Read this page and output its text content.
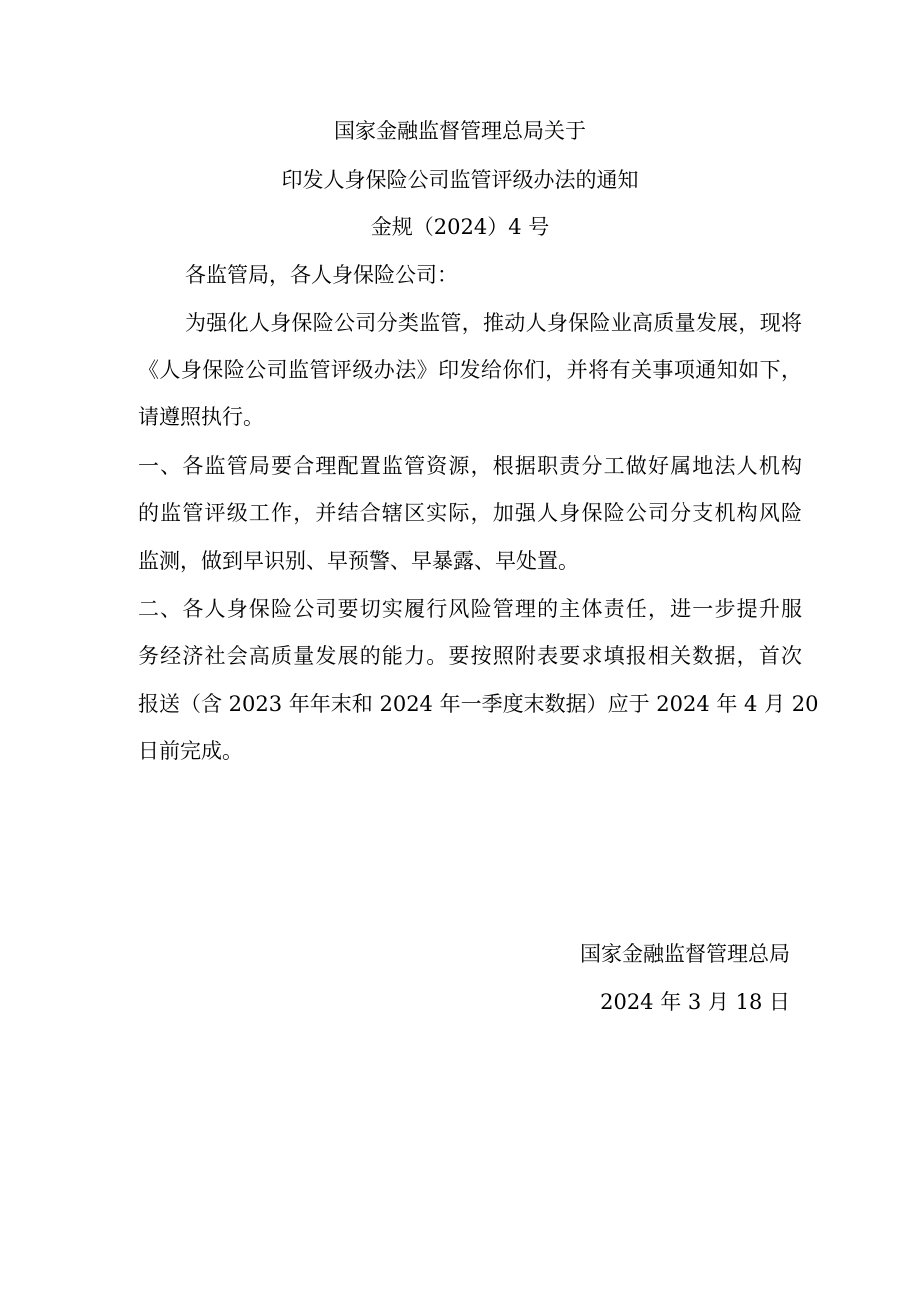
国家金融监督管理总局关于
印发人身保险公司监管评级办法的通知
金规（2024）4 号
各监管局，各人身保险公司：
为强化人身保险公司分类监管，推动人身保险业高质量发展，现将
《人身保险公司监管评级办法》印发给你们，并将有关事项通知如下，
请遵照执行。
一、各监管局要合理配置监管资源，根据职责分工做好属地法人机构
的监管评级工作，并结合辖区实际，加强人身保险公司分支机构风险
监测，做到早识别、早预警、早暴露、早处置。
二、各人身保险公司要切实履行风险管理的主体责任，进一步提升服
务经济社会高质量发展的能力。要按照附表要求填报相关数据，首次
报送（含 2023 年年末和 2024 年一季度末数据）应于 2024 年 4 月 20
日前完成。
国家金融监督管理总局
2024 年 3 月 18 日
